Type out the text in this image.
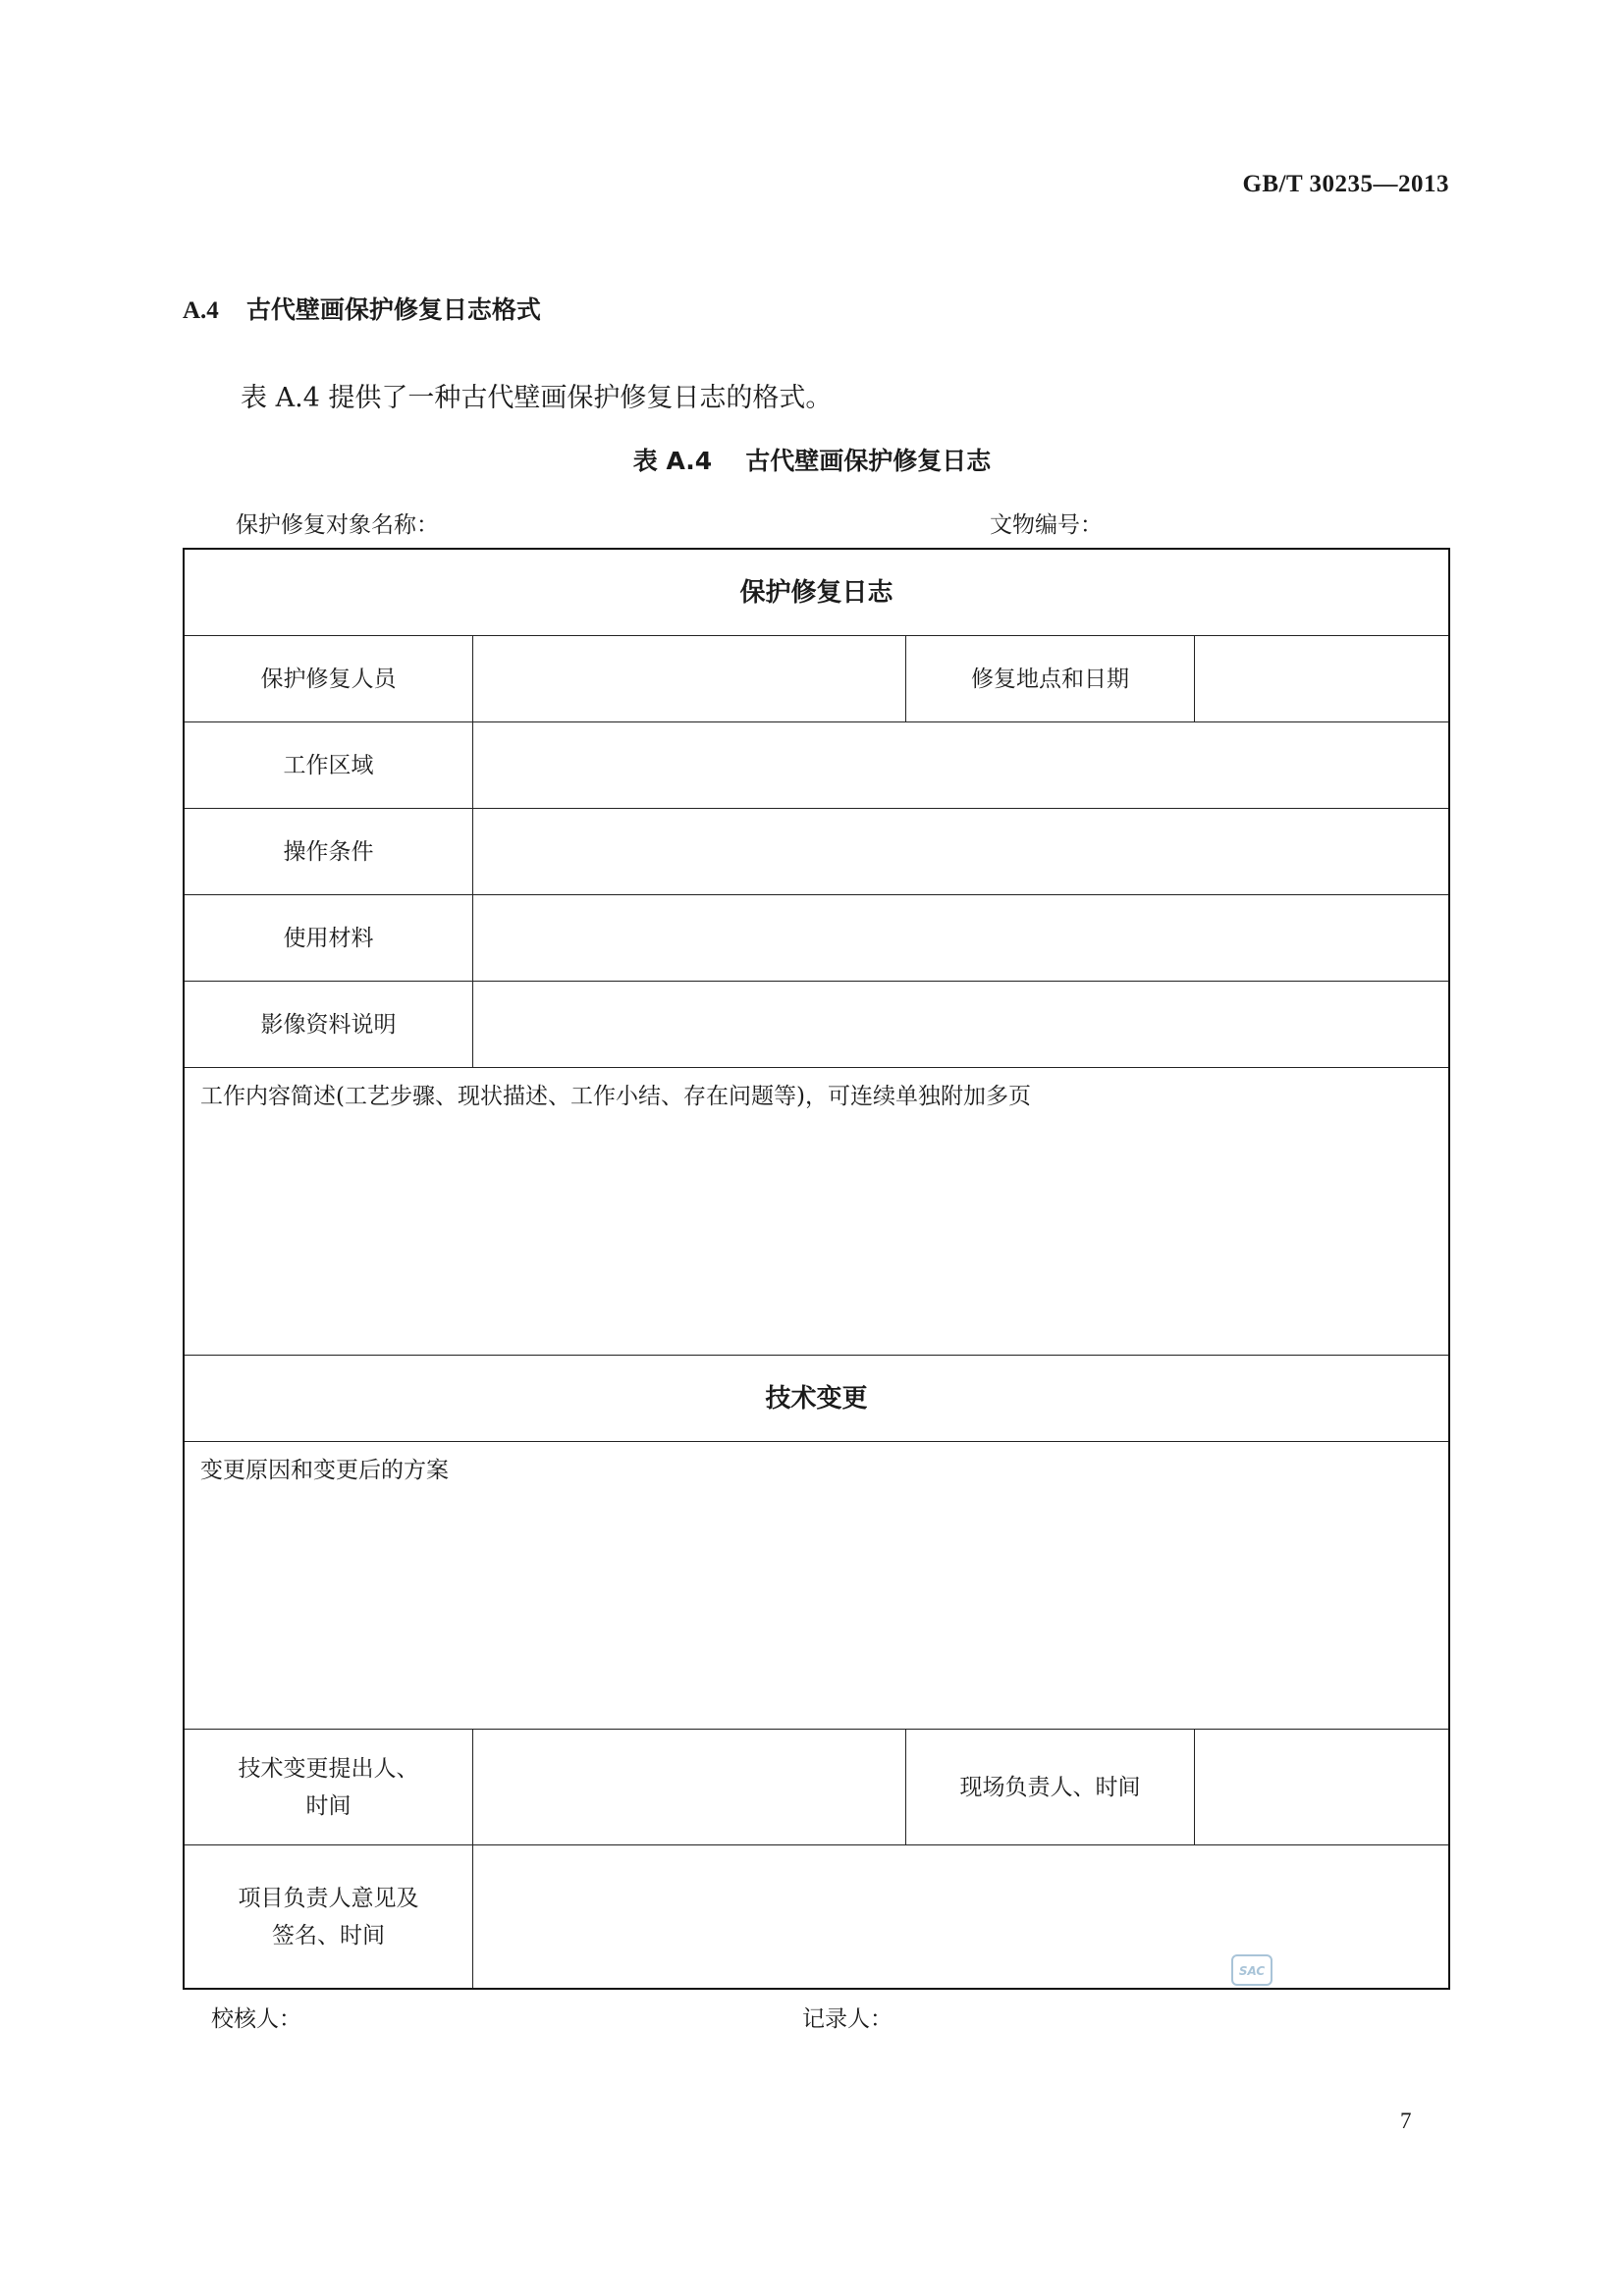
GB/T 30235—2013
A.4 古代壁画保护修复日志格式
表 A.4 提供了一种古代壁画保护修复日志的格式。
表 A.4 古代壁画保护修复日志
保护修复对象名称：	文物编号：
保护修复日志
保护修复人员	修复地点和日期
工作区域
操作条件
使用材料
影像资料说明
工作内容简述(工艺步骤、现状描述、工作小结、存在问题等)，可连续单独附加多页
技术变更
变更原因和变更后的方案
技术变更提出人、
时间
现场负责人、时间
项目负责人意见及
签名、时间
SAC
校核人：	记录人：
7
